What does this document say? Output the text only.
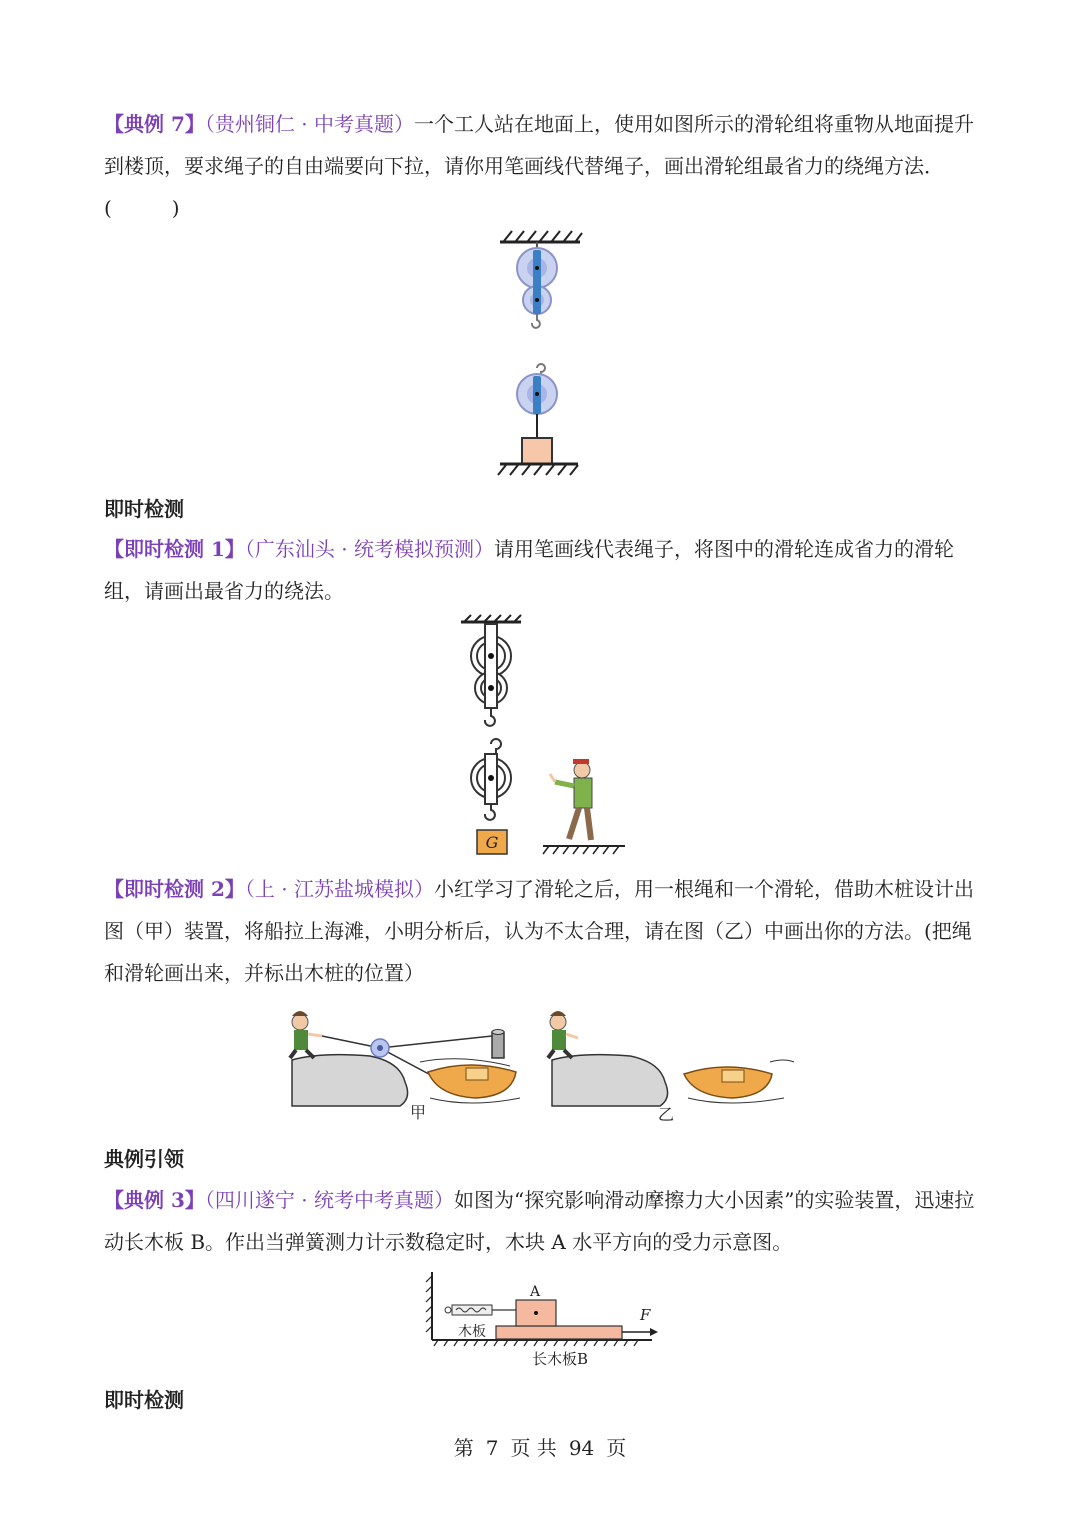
【典例 7】（贵州铜仁 · 中考真题）一个工人站在地面上，使用如图所示的滑轮组将重物从地面提升到楼顶，要求绳子的自由端要向下拉，请你用笔画线代替绳子，画出滑轮组最省力的绕绳方法．(　　　)

即时检测

【即时检测 1】（广东汕头 · 统考模拟预测）请用笔画线代表绳子，将图中的滑轮连成省力的滑轮组，请画出最省力的绕法。

G

【即时检测 2】（上 · 江苏盐城模拟）小红学习了滑轮之后，用一根绳和一个滑轮，借助木桩设计出图（甲）装置，将船拉上海滩，小明分析后，认为不太合理，请在图（乙）中画出你的方法。(把绳和滑轮画出来，并标出木桩的位置）

甲	乙

典例引领

【典例 3】（四川遂宁 · 统考中考真题）如图为“探究影响滑动摩擦力大小因素”的实验装置，迅速拉动长木板 B。作出当弹簧测力计示数稳定时，木块 A 水平方向的受力示意图。

F
A
木板
长木板B

即时检测

第 7 页 共 94 页
